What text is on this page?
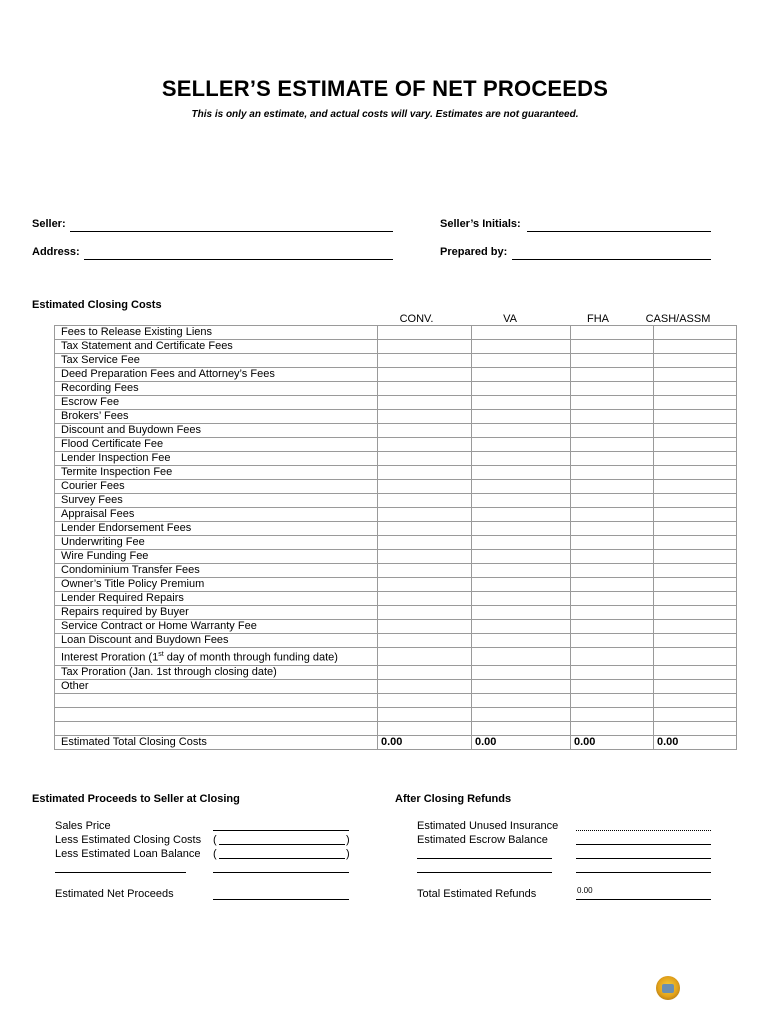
SELLER’S ESTIMATE OF NET PROCEEDS
This is only an estimate, and actual costs will vary. Estimates are not guaranteed.
Seller:	Seller’s Initials:
Address:	Prepared by:
Estimated Closing Costs
CONV.	VA	FHA	CASH/ASSM
Fees to Release Existing Liens				
Tax Statement and Certificate Fees				
Tax Service Fee				
Deed Preparation Fees and Attorney’s Fees				
Recording Fees				
Escrow Fee				
Brokers’ Fees				
Discount and Buydown Fees				
Flood Certificate Fee				
Lender Inspection Fee				
Termite Inspection Fee				
Courier Fees				
Survey Fees				
Appraisal Fees				
Lender Endorsement Fees				
Underwriting Fee				
Wire Funding Fee				
Condominium Transfer Fees				
Owner’s Title Policy Premium				
Lender Required Repairs				
Repairs required by Buyer				
Service Contract or Home Warranty Fee				
Loan Discount and Buydown Fees				
Interest Proration (1st day of month through funding date)				
Tax Proration (Jan. 1st through closing date)				
Other				

Estimated Total Closing Costs	0.00	0.00	0.00	0.00
Estimated Proceeds to Seller at Closing
Sales Price
Less Estimated Closing Costs (	)
Less Estimated Loan Balance (	)
Estimated Net Proceeds
After Closing Refunds
Estimated Unused Insurance
Estimated Escrow Balance
Total Estimated Refunds	0.00
